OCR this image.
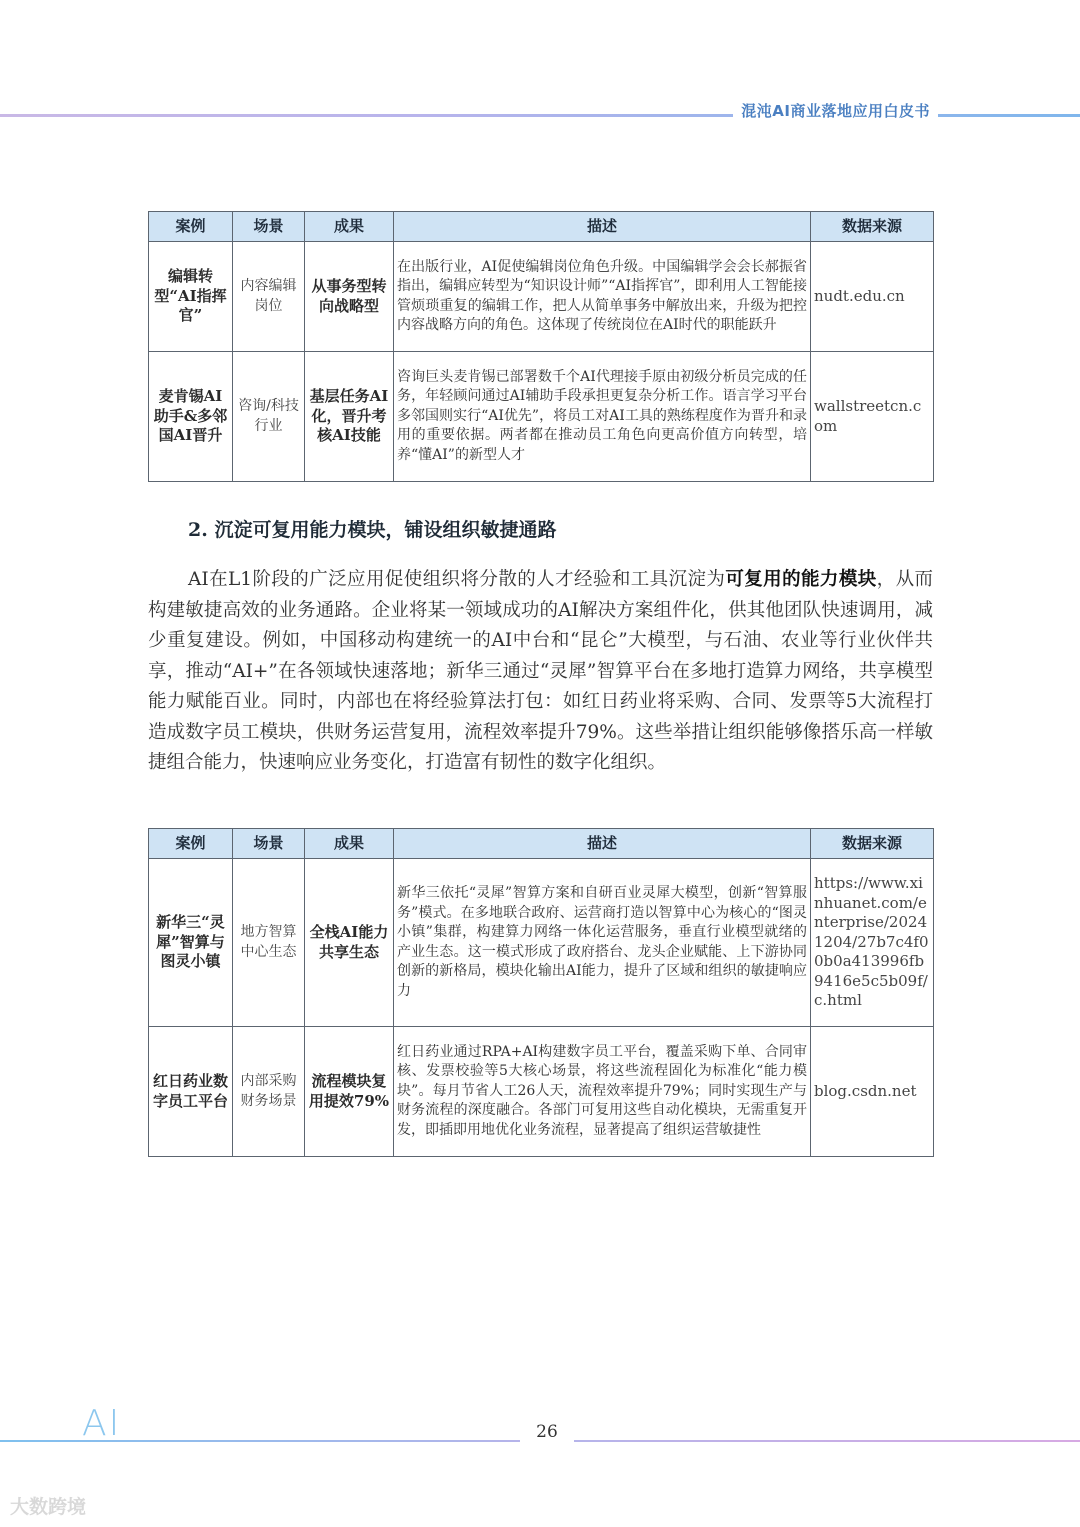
混沌AI商业落地应用白皮书
案例	场景	成果	描述	数据来源
编辑转型“AI指挥官”	内容编辑岗位	从事务型转向战略型	在出版行业，AI促使编辑岗位角色升级。中国编辑学会会长郝振省指出，编辑应转型为“知识设计师”“AI指挥官”，即利用人工智能接管烦琐重复的编辑工作，把人从简单事务中解放出来，升级为把控内容战略方向的角色。这体现了传统岗位在AI时代的职能跃升	nudt.edu.cn
麦肯锡AI助手&多邻国AI晋升	咨询/科技行业	基层任务AI化，晋升考核AI技能	咨询巨头麦肯锡已部署数千个AI代理接手原由初级分析员完成的任务，年轻顾问通过AI辅助手段承担更复杂分析工作。语言学习平台多邻国则实行“AI优先”，将员工对AI工具的熟练程度作为晋升和录用的重要依据。两者都在推动员工角色向更高价值方向转型，培养“懂AI”的新型人才	wallstreetcn.com
2. 沉淀可复用能力模块，铺设组织敏捷通路

AI在L1阶段的广泛应用促使组织将分散的人才经验和工具沉淀为可复用的能力模块，从而构建敏捷高效的业务通路。企业将某一领域成功的AI解决方案组件化，供其他团队快速调用，减少重复建设。例如，中国移动构建统一的AI中台和“昆仑”大模型，与石油、农业等行业伙伴共享，推动“AI+”在各领域快速落地；新华三通过“灵犀”智算平台在多地打造算力网络，共享模型能力赋能百业。同时，内部也在将经验算法打包：如红日药业将采购、合同、发票等5大流程打造成数字员工模块，供财务运营复用，流程效率提升79%。这些举措让组织能够像搭乐高一样敏捷组合能力，快速响应业务变化，打造富有韧性的数字化组织。

案例	场景	成果	描述	数据来源
新华三“灵犀”智算与图灵小镇	地方智算中心生态	全栈AI能力共享生态	新华三依托“灵犀”智算方案和自研百业灵犀大模型，创新“智算服务”模式。在多地联合政府、运营商打造以智算中心为核心的“图灵小镇”集群，构建算力网络一体化运营服务，垂直行业模型就绪的产业生态。这一模式形成了政府搭台、龙头企业赋能、上下游协同创新的新格局，模块化输出AI能力，提升了区域和组织的敏捷响应力	https://www.xinhuanet.com/enterprise/20241204/27b7c4f00b0a413996fb9416e5c5b09f/c.html
红日药业数字员工平台	内部采购财务场景	流程模块复用提效79%	红日药业通过RPA+AI构建数字员工平台，覆盖采购下单、合同审核、发票校验等5大核心场景，将这些流程固化为标准化“能力模块”。每月节省人工26人天，流程效率提升79%；同时实现生产与财务流程的深度融合。各部门可复用这些自动化模块，无需重复开发，即插即用地优化业务流程，显著提高了组织运营敏捷性	blog.csdn.net
AI	26
大数跨境
